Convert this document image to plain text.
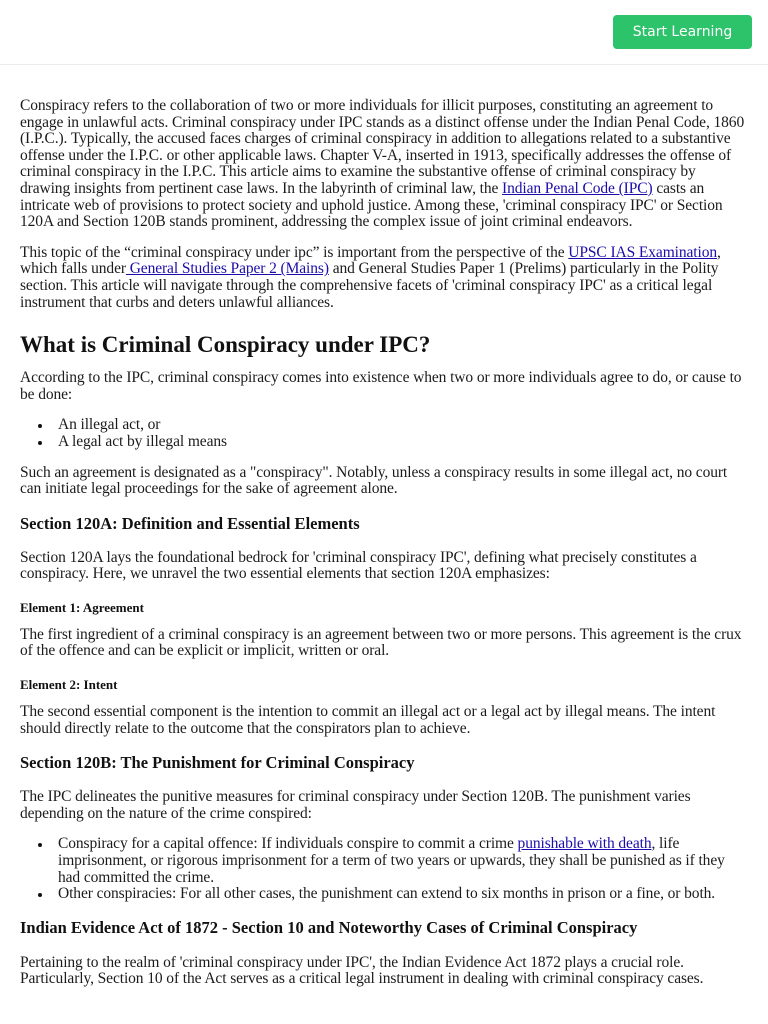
Start Learning

Conspiracy refers to the collaboration of two or more individuals for illicit purposes, constituting an agreement to engage in unlawful acts. Criminal conspiracy under IPC stands as a distinct offense under the Indian Penal Code, 1860 (I.P.C.). Typically, the accused faces charges of criminal conspiracy in addition to allegations related to a substantive offense under the I.P.C. or other applicable laws. Chapter V-A, inserted in 1913, specifically addresses the offense of criminal conspiracy in the I.P.C. This article aims to examine the substantive offense of criminal conspiracy by drawing insights from pertinent case laws. In the labyrinth of criminal law, the Indian Penal Code (IPC) casts an intricate web of provisions to protect society and uphold justice. Among these, 'criminal conspiracy IPC' or Section 120A and Section 120B stands prominent, addressing the complex issue of joint criminal endeavors.

This topic of the “criminal conspiracy under ipc” is important from the perspective of the UPSC IAS Examination, which falls under General Studies Paper 2 (Mains) and General Studies Paper 1 (Prelims) particularly in the Polity section. This article will navigate through the comprehensive facets of 'criminal conspiracy IPC' as a critical legal instrument that curbs and deters unlawful alliances.

What is Criminal Conspiracy under IPC?

According to the IPC, criminal conspiracy comes into existence when two or more individuals agree to do, or cause to be done:

An illegal act, or
A legal act by illegal means

Such an agreement is designated as a "conspiracy". Notably, unless a conspiracy results in some illegal act, no court can initiate legal proceedings for the sake of agreement alone.

Section 120A: Definition and Essential Elements

Section 120A lays the foundational bedrock for 'criminal conspiracy IPC', defining what precisely constitutes a conspiracy. Here, we unravel the two essential elements that section 120A emphasizes:

Element 1: Agreement

The first ingredient of a criminal conspiracy is an agreement between two or more persons. This agreement is the crux of the offence and can be explicit or implicit, written or oral.

Element 2: Intent

The second essential component is the intention to commit an illegal act or a legal act by illegal means. The intent should directly relate to the outcome that the conspirators plan to achieve.

Section 120B: The Punishment for Criminal Conspiracy

The IPC delineates the punitive measures for criminal conspiracy under Section 120B. The punishment varies depending on the nature of the crime conspired:

Conspiracy for a capital offence: If individuals conspire to commit a crime punishable with death, life imprisonment, or rigorous imprisonment for a term of two years or upwards, they shall be punished as if they had committed the crime.
Other conspiracies: For all other cases, the punishment can extend to six months in prison or a fine, or both.
Indian Evidence Act of 1872 - Section 10 and Noteworthy Cases of Criminal Conspiracy

Pertaining to the realm of 'criminal conspiracy under IPC', the Indian Evidence Act 1872 plays a crucial role. Particularly, Section 10 of the Act serves as a critical legal instrument in dealing with criminal conspiracy cases.
